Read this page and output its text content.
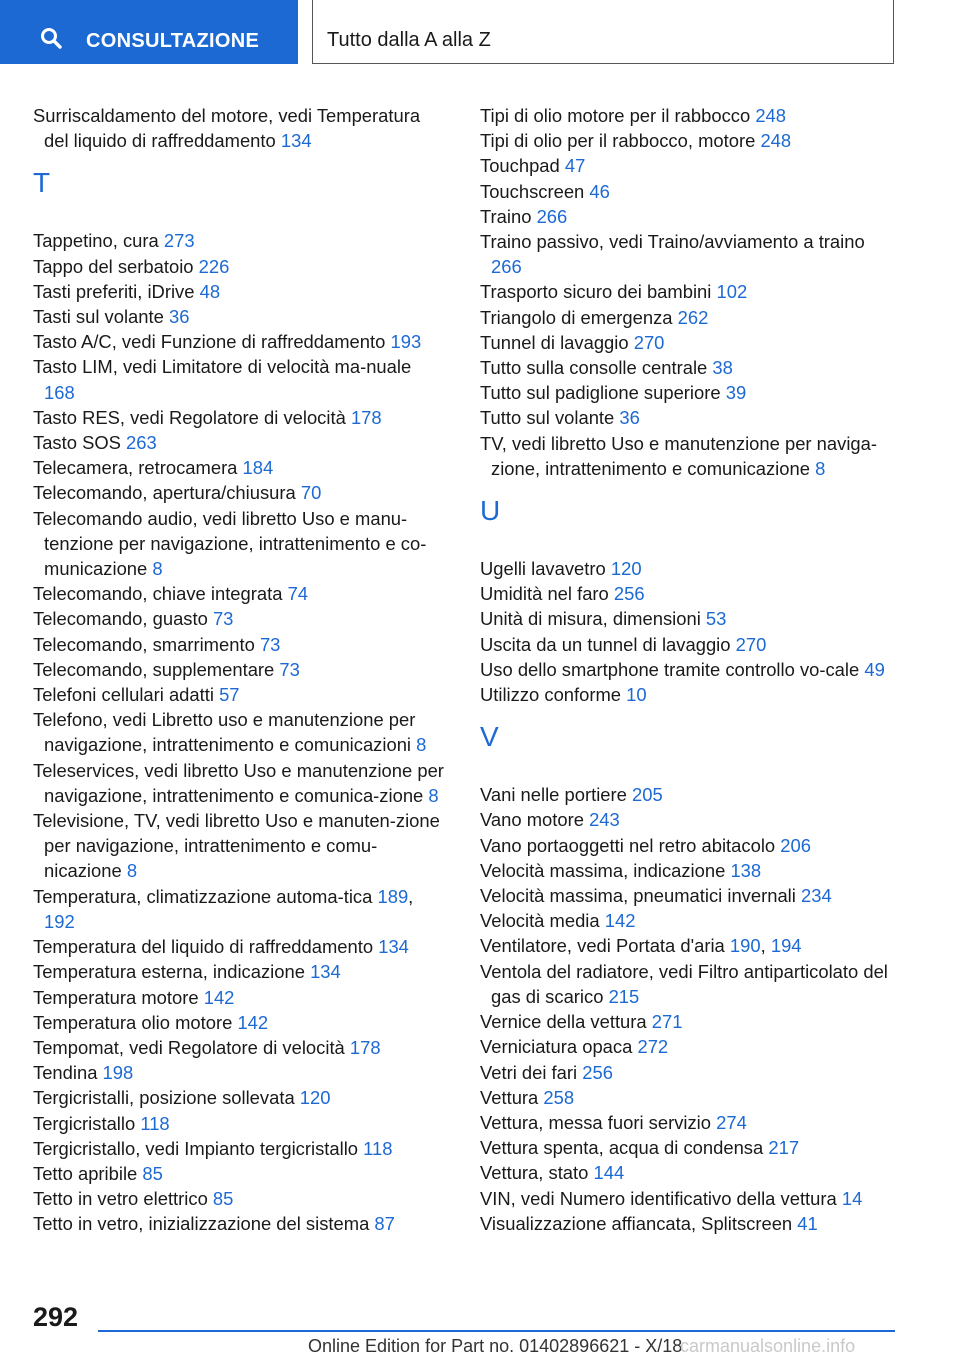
CONSULTAZIONE	Tutto dalla A alla Z
Surriscaldamento del motore, vedi Temperatura del liquido di raffreddamento 134
T
Tappetino, cura 273
Tappo del serbatoio 226
Tasti preferiti, iDrive 48
Tasti sul volante 36
Tasto A/C, vedi Funzione di raffreddamento 193
Tasto LIM, vedi Limitatore di velocità ma-nuale 168
Tasto RES, vedi Regolatore di velocità 178
Tasto SOS 263
Telecamera, retrocamera 184
Telecomando, apertura/chiusura 70
Telecomando audio, vedi libretto Uso e manu-tenzione per navigazione, intrattenimento e co-municazione 8
Telecomando, chiave integrata 74
Telecomando, guasto 73
Telecomando, smarrimento 73
Telecomando, supplementare 73
Telefoni cellulari adatti 57
Telefono, vedi Libretto uso e manutenzione per navigazione, intrattenimento e comunicazioni 8
Teleservices, vedi libretto Uso e manutenzione per navigazione, intrattenimento e comunica-zione 8
Televisione, TV, vedi libretto Uso e manuten-zione per navigazione, intrattenimento e comu-nicazione 8
Temperatura, climatizzazione automa-tica 189, 192
Temperatura del liquido di raffreddamento 134
Temperatura esterna, indicazione 134
Temperatura motore 142
Temperatura olio motore 142
Tempomat, vedi Regolatore di velocità 178
Tendina 198
Tergicristalli, posizione sollevata 120
Tergicristallo 118
Tergicristallo, vedi Impianto tergicristallo 118
Tetto apribile 85
Tetto in vetro elettrico 85
Tetto in vetro, inizializzazione del sistema 87
Tipi di olio motore per il rabbocco 248
Tipi di olio per il rabbocco, motore 248
Touchpad 47
Touchscreen 46
Traino 266
Traino passivo, vedi Traino/avviamento a traino 266
Trasporto sicuro dei bambini 102
Triangolo di emergenza 262
Tunnel di lavaggio 270
Tutto sulla consolle centrale 38
Tutto sul padiglione superiore 39
Tutto sul volante 36
TV, vedi libretto Uso e manutenzione per naviga-zione, intrattenimento e comunicazione 8
U
Ugelli lavavetro 120
Umidità nel faro 256
Unità di misura, dimensioni 53
Uscita da un tunnel di lavaggio 270
Uso dello smartphone tramite controllo vo-cale 49
Utilizzo conforme 10
V
Vani nelle portiere 205
Vano motore 243
Vano portaoggetti nel retro abitacolo 206
Velocità massima, indicazione 138
Velocità massima, pneumatici invernali 234
Velocità media 142
Ventilatore, vedi Portata d'aria 190, 194
Ventola del radiatore, vedi Filtro antiparticolato del gas di scarico 215
Vernice della vettura 271
Verniciatura opaca 272
Vetri dei fari 256
Vettura 258
Vettura, messa fuori servizio 274
Vettura spenta, acqua di condensa 217
Vettura, stato 144
VIN, vedi Numero identificativo della vettura 14
Visualizzazione affiancata, Splitscreen 41
292
Online Edition for Part no. 01402896621 - X/18
carmanualsonline.info
